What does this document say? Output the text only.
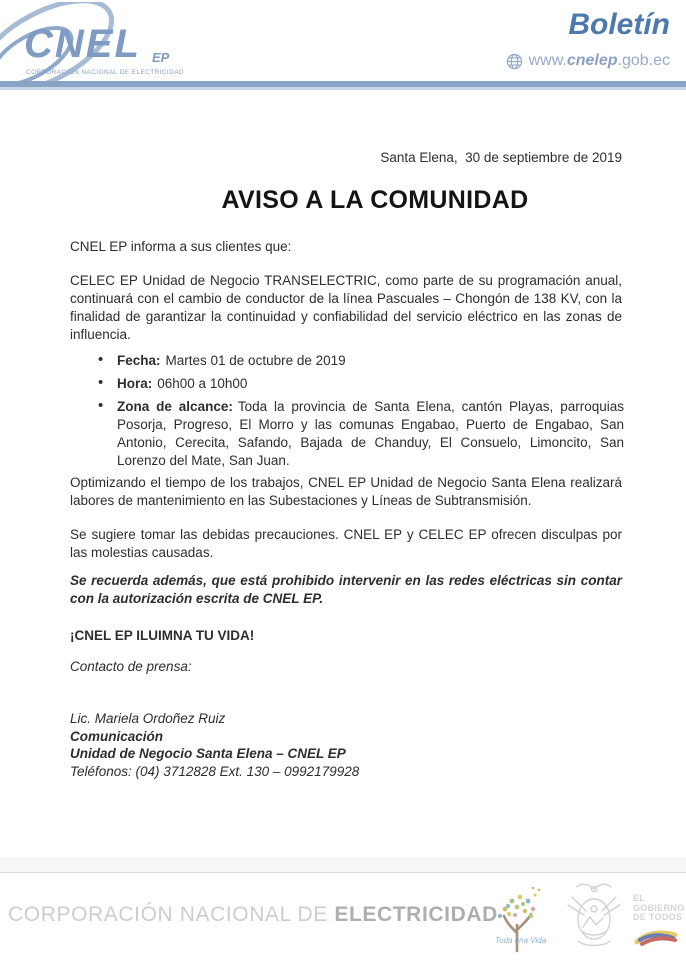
CNEL EP
CORPORACIÓN NACIONAL DE ELECTRICIDAD
Boletín
www.cnelep.gob.ec
Santa Elena,  30 de septiembre de 2019
AVISO A LA COMUNIDAD
CNEL EP informa a sus clientes que:

CELEC EP Unidad de Negocio TRANSELECTRIC, como parte de su programación anual, continuará con el cambio de conductor de la línea Pascuales – Chongón de 138 KV, con la finalidad de garantizar la continuidad y confiabilidad del servicio eléctrico en las zonas de influencia.

• Fecha: Martes 01 de octubre de 2019
• Hora: 06h00 a 10h00
• Zona de alcance: Toda la provincia de Santa Elena, cantón Playas, parroquias Posorja, Progreso, El Morro y las comunas Engabao, Puerto de Engabao, San Antonio, Cerecita, Safando, Bajada de Chanduy, El Consuelo, Limoncito, San Lorenzo del Mate, San Juan.

Optimizando el tiempo de los trabajos, CNEL EP Unidad de Negocio Santa Elena realizará labores de mantenimiento en las Subestaciones y Líneas de Subtransmisión.

Se sugiere tomar las debidas precauciones. CNEL EP y CELEC EP ofrecen disculpas por las molestias causadas.

Se recuerda además, que está prohibido intervenir en las redes eléctricas sin contar con la autorización escrita de CNEL EP.

¡CNEL EP ILUIMNA TU VIDA!
Contacto de prensa:
Lic. Mariela Ordoñez Ruiz
Comunicación
Unidad de Negocio Santa Elena – CNEL EP
Teléfonos: (04) 3712828 Ext. 130 – 0992179928
CORPORACIÓN NACIONAL DE ELECTRICIDAD
Toda una Vida
EL
GOBIERNO
DE TODOS
